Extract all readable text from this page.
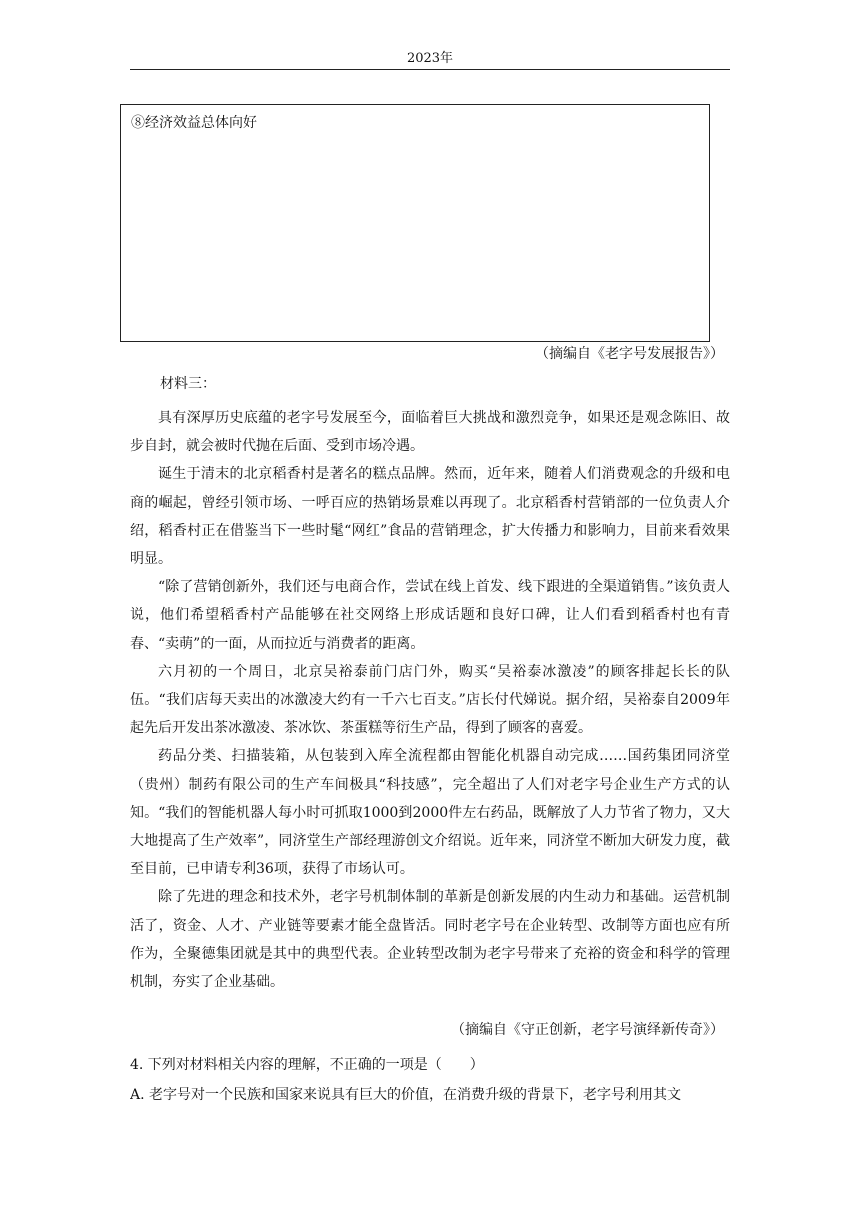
2023年
⑧经济效益总体向好
（摘编自《老字号发展报告》）
材料三：

具有深厚历史底蕴的老字号发展至今，面临着巨大挑战和激烈竞争，如果还是观念陈旧、故步自封，就会被时代抛在后面、受到市场冷遇。

诞生于清末的北京稻香村是著名的糕点品牌。然而，近年来，随着人们消费观念的升级和电商的崛起，曾经引领市场、一呼百应的热销场景难以再现了。北京稻香村营销部的一位负责人介绍，稻香村正在借鉴当下一些时髦“网红”食品的营销理念，扩大传播力和影响力，目前来看效果明显。

“除了营销创新外，我们还与电商合作，尝试在线上首发、线下跟进的全渠道销售。”该负责人说，他们希望稻香村产品能够在社交网络上形成话题和良好口碑，让人们看到稻香村也有青春、“卖萌”的一面，从而拉近与消费者的距离。

六月初的一个周日，北京吴裕泰前门店门外，购买“吴裕泰冰激凌”的顾客排起长长的队伍。“我们店每天卖出的冰激凌大约有一千六七百支。”店长付代娣说。据介绍，吴裕泰自2009年起先后开发出茶冰激凌、茶冰饮、茶蛋糕等衍生产品，得到了顾客的喜爱。

药品分类、扫描装箱，从包装到入库全流程都由智能化机器自动完成……国药集团同济堂（贵州）制药有限公司的生产车间极具“科技感”，完全超出了人们对老字号企业生产方式的认知。“我们的智能机器人每小时可抓取1000到2000件左右药品，既解放了人力节省了物力，又大大地提高了生产效率”，同济堂生产部经理游创文介绍说。近年来，同济堂不断加大研发力度，截至目前，已申请专利36项，获得了市场认可。

除了先进的理念和技术外，老字号机制体制的革新是创新发展的内生动力和基础。运营机制活了，资金、人才、产业链等要素才能全盘皆活。同时老字号在企业转型、改制等方面也应有所作为，全聚德集团就是其中的典型代表。企业转型改制为老字号带来了充裕的资金和科学的管理机制，夯实了企业基础。

（摘编自《守正创新，老字号演绎新传奇》）
4. 下列对材料相关内容的理解，不正确的一项是（　　）
A. 老字号对一个民族和国家来说具有巨大的价值，在消费升级的背景下，老字号利用其文
